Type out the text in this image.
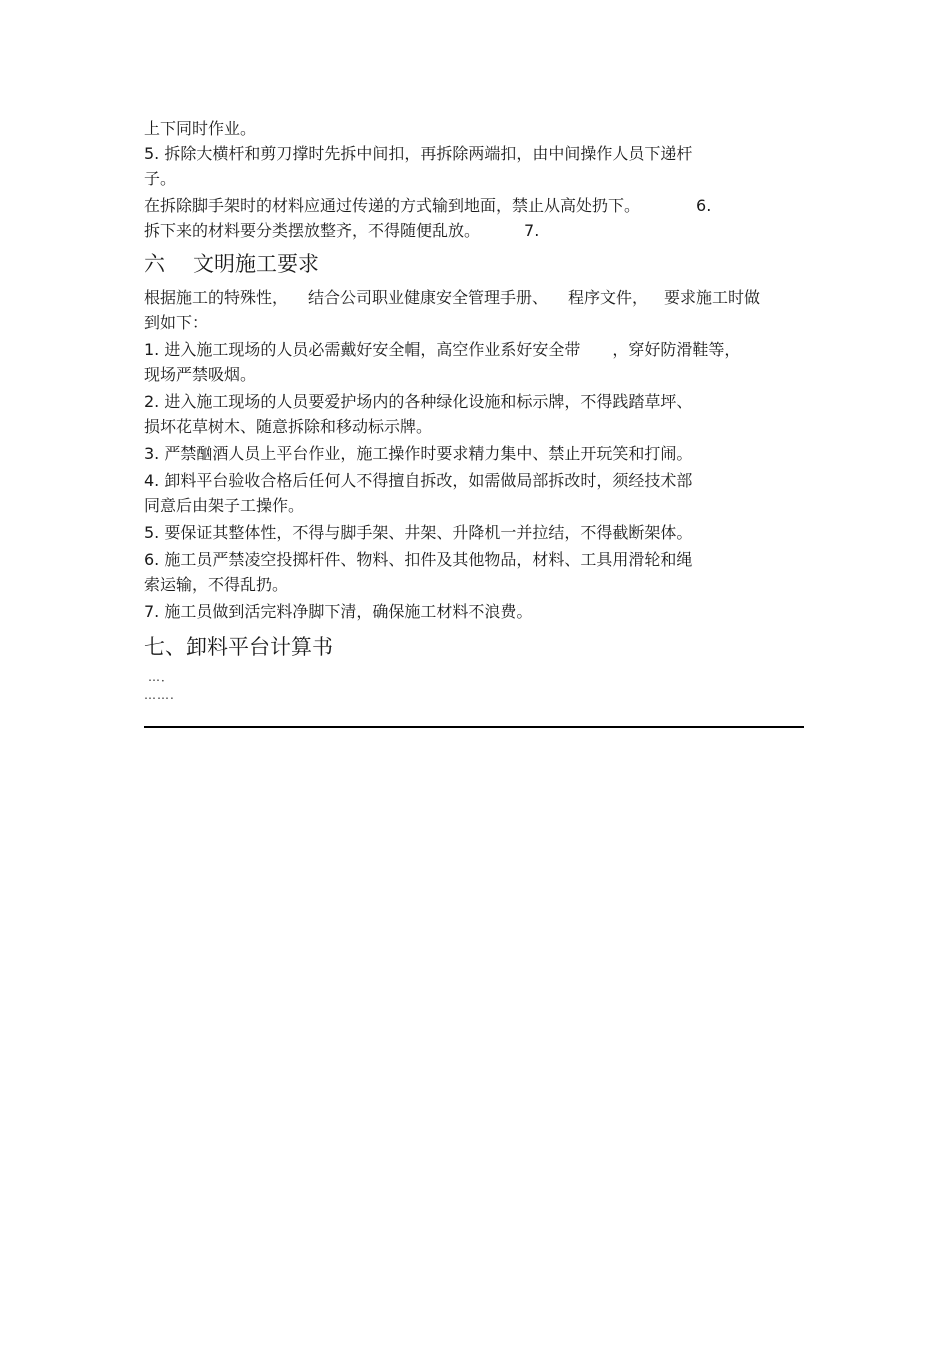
上下同时作业。

5. 拆除大横杆和剪刀撑时先拆中间扣，再拆除两端扣，由中间操作人员下递杆

子。

在拆除脚手架时的材料应通过传递的方式输到地面，禁止从高处扔下。	6.

拆下来的材料要分类摆放整齐，不得随便乱放。	7.

六 文明施工要求

根据施工的特殊性， 结合公司职业健康安全管理手册、 程序文件， 要求施工时做

到如下：

1. 进入施工现场的人员必需戴好安全帽，高空作业系好安全带 ，穿好防滑鞋等，

现场严禁吸烟。

2. 进入施工现场的人员要爱护场内的各种绿化设施和标示牌，不得践踏草坪、

损坏花草树木、随意拆除和移动标示牌。

3. 严禁酗酒人员上平台作业，施工操作时要求精力集中、禁止开玩笑和打闹。

4. 卸料平台验收合格后任何人不得擅自拆改，如需做局部拆改时，须经技术部

同意后由架子工操作。

5. 要保证其整体性，不得与脚手架、井架、升降机一并拉结，不得截断架体。

6. 施工员严禁凌空投掷杆件、物料、扣件及其他物品，材料、工具用滑轮和绳

索运输，不得乱扔。

7. 施工员做到活完料净脚下清，确保施工材料不浪费。

七、卸料平台计算书

…．

…….
